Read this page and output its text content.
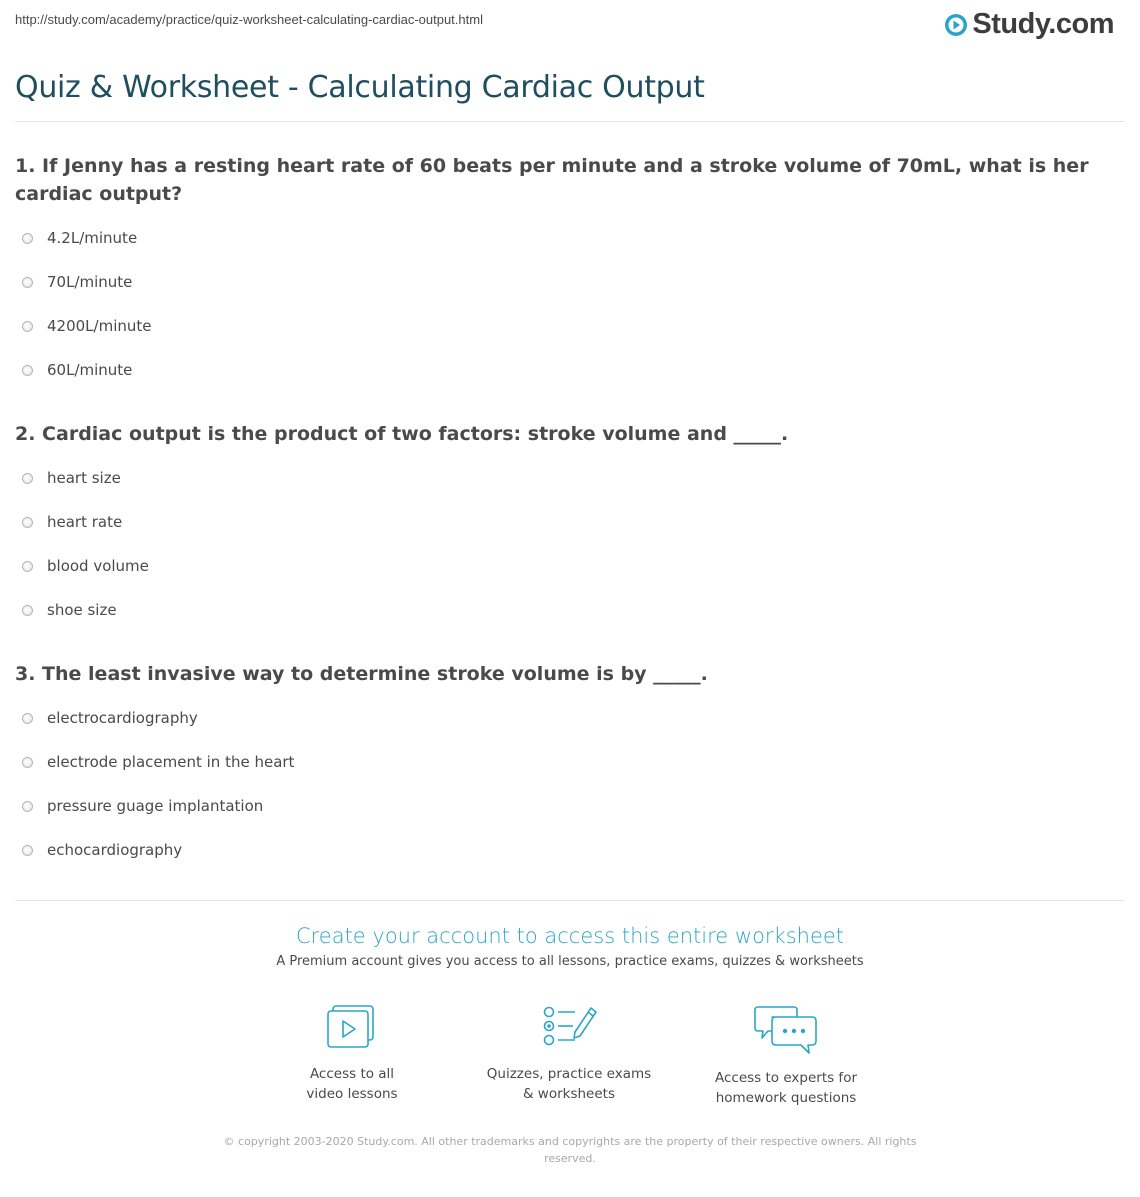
http://study.com/academy/practice/quiz-worksheet-calculating-cardiac-output.html	Study.com
Quiz & Worksheet - Calculating Cardiac Output
1. If Jenny has a resting heart rate of 60 beats per minute and a stroke volume of 70mL, what is her cardiac output?
4.2L/minute
70L/minute
4200L/minute
60L/minute
2. Cardiac output is the product of two factors: stroke volume and _____.
heart size
heart rate
blood volume
shoe size
3. The least invasive way to determine stroke volume is by _____.
electrocardiography
electrode placement in the heart
pressure guage implantation
echocardiography
Create your account to access this entire worksheet
A Premium account gives you access to all lessons, practice exams, quizzes & worksheets
Access to all
video lessons
Quizzes, practice exams
& worksheets
Access to experts for
homework questions
© copyright 2003-2020 Study.com. All other trademarks and copyrights are the property of their respective owners. All rights reserved.
